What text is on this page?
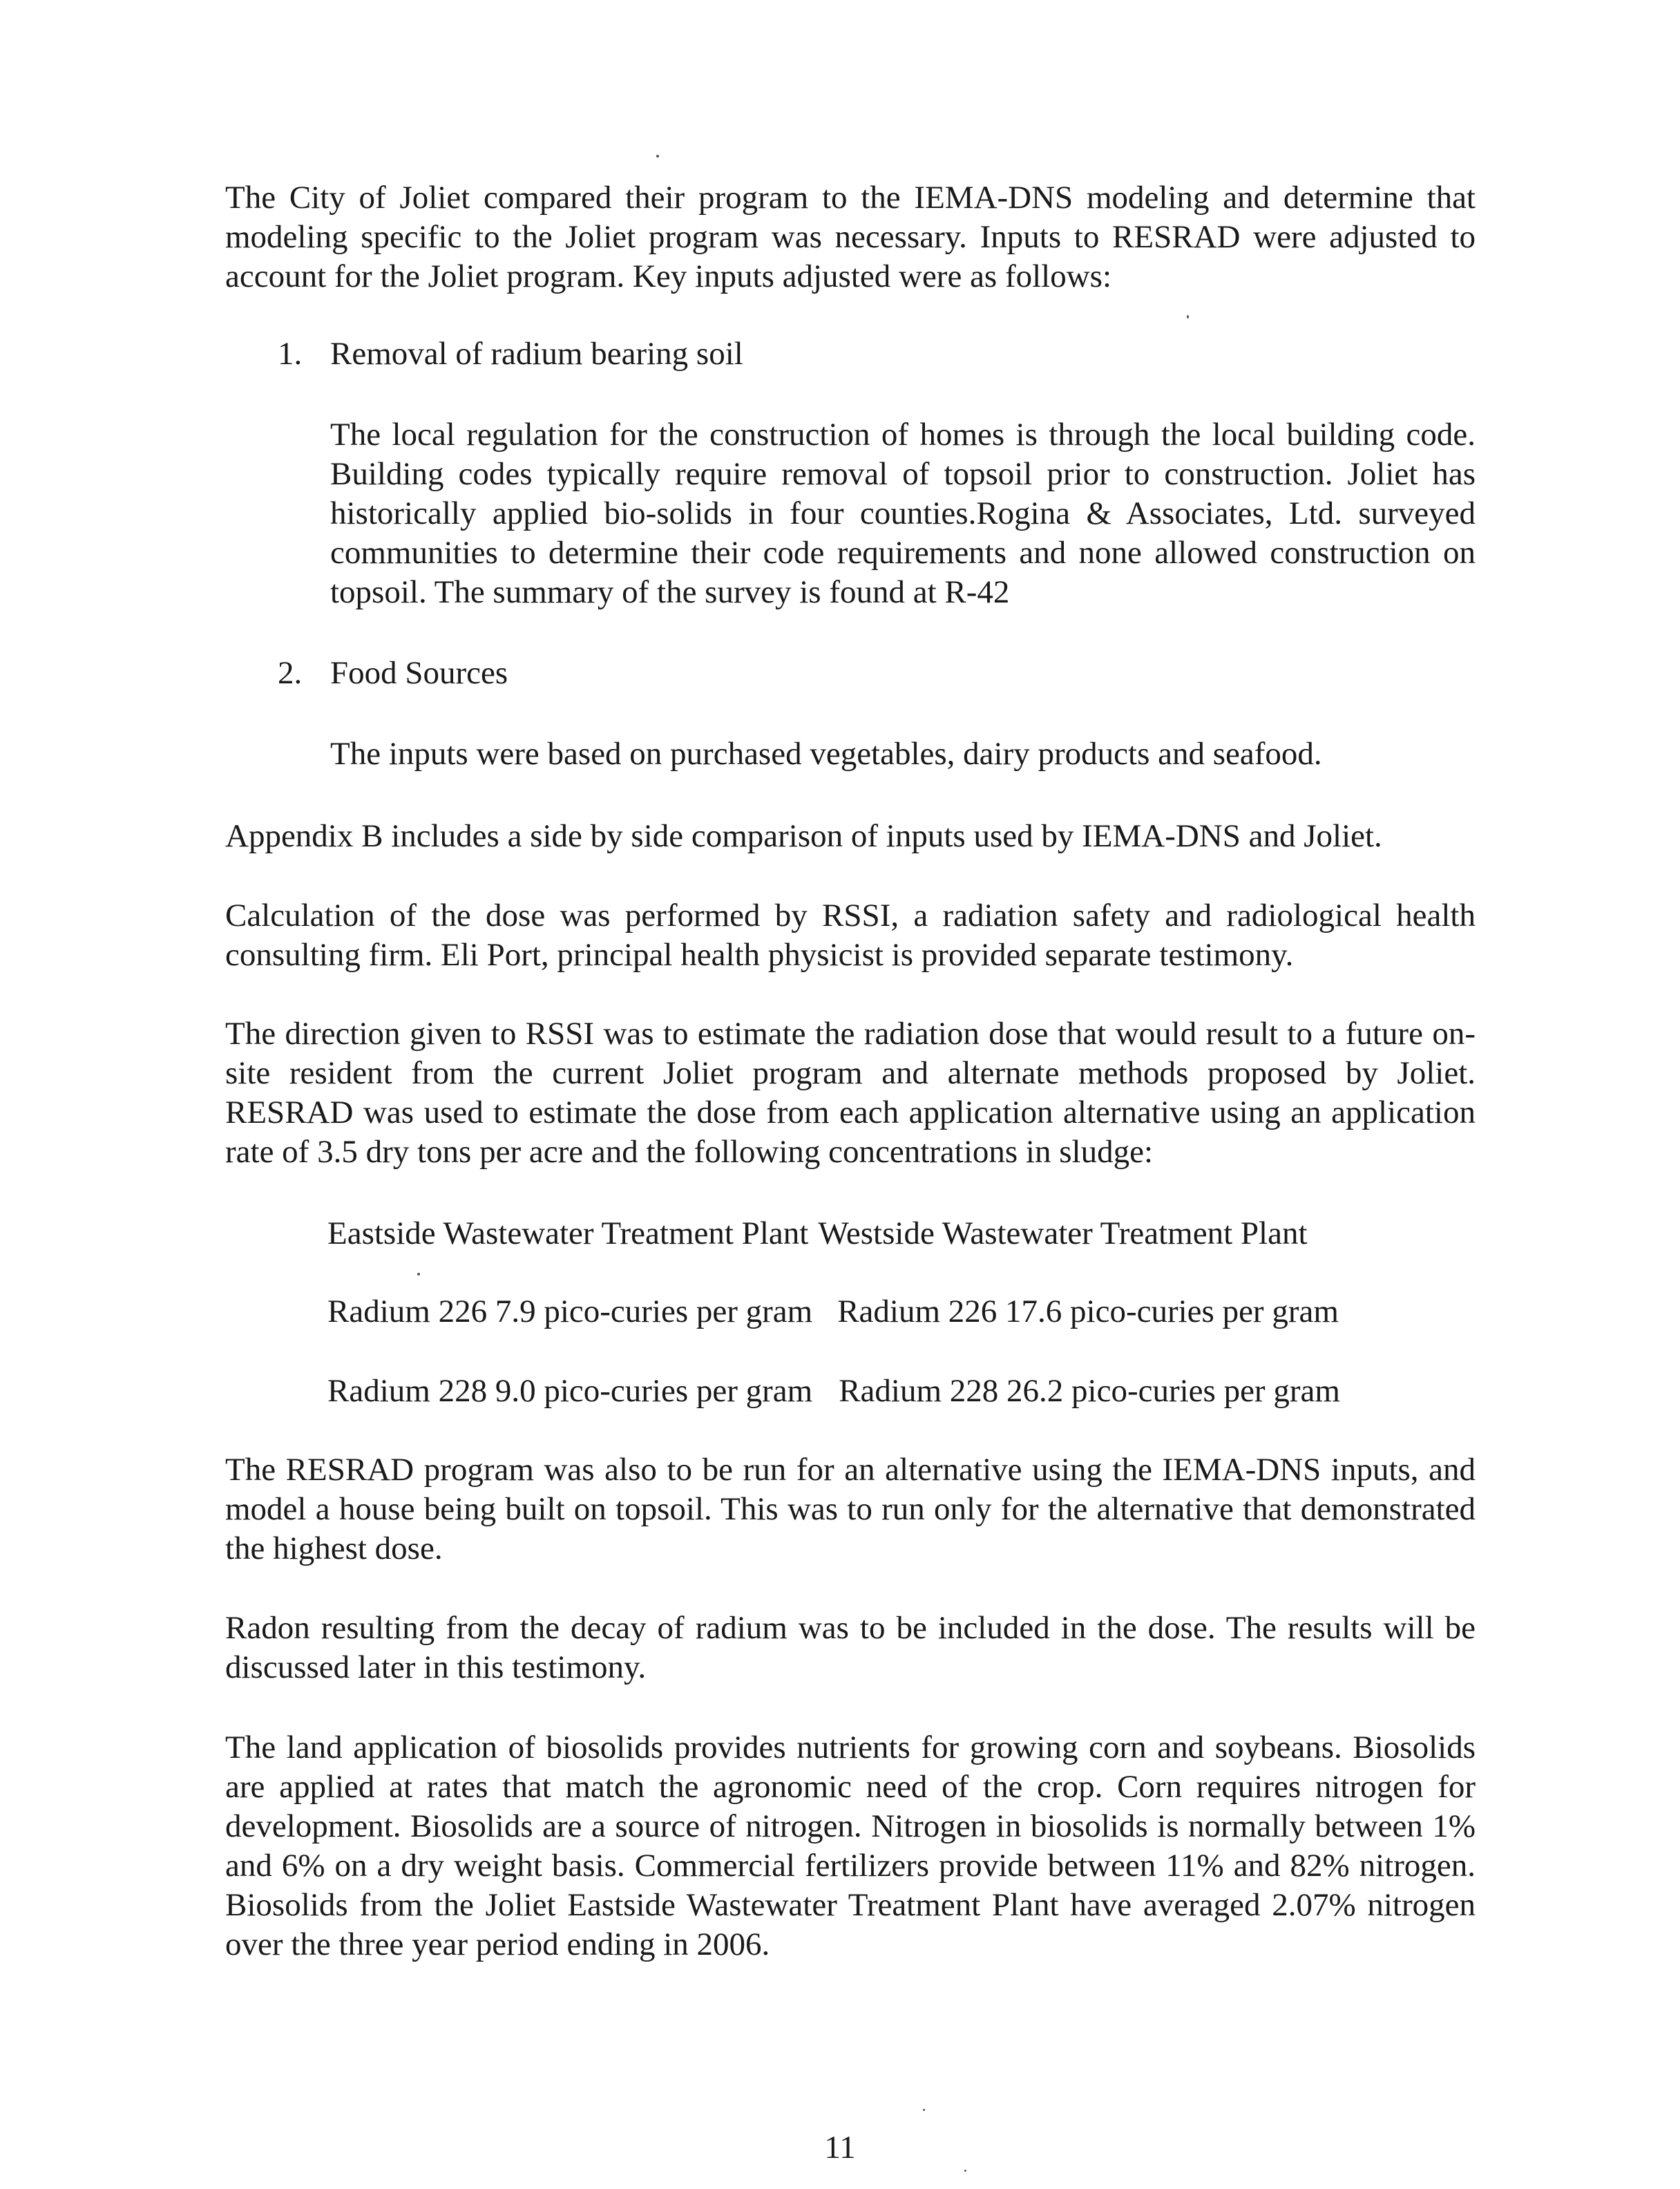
The City of Joliet compared their program to the IEMA-DNS modeling and determine that modeling specific to the Joliet program was necessary. Inputs to RESRAD were adjusted to account for the Joliet program. Key inputs adjusted were as follows:

1. Removal of radium bearing soil

The local regulation for the construction of homes is through the local building code. Building codes typically require removal of topsoil prior to construction. Joliet has historically applied bio-solids in four counties.Rogina & Associates, Ltd. surveyed communities to determine their code requirements and none allowed construction on topsoil. The summary of the survey is found at R-42

2. Food Sources

The inputs were based on purchased vegetables, dairy products and seafood.

Appendix B includes a side by side comparison of inputs used by IEMA-DNS and Joliet.

Calculation of the dose was performed by RSSI, a radiation safety and radiological health consulting firm. Eli Port, principal health physicist is provided separate testimony.

The direction given to RSSI was to estimate the radiation dose that would result to a future on-site resident from the current Joliet program and alternate methods proposed by Joliet. RESRAD was used to estimate the dose from each application alternative using an application rate of 3.5 dry tons per acre and the following concentrations in sludge:

Eastside Wastewater Treatment Plant Westside Wastewater Treatment Plant

Radium 226 7.9 pico-curies per gram Radium 226 17.6 pico-curies per gram

Radium 228 9.0 pico-curies per gram Radium 228 26.2 pico-curies per gram

The RESRAD program was also to be run for an alternative using the IEMA-DNS inputs, and model a house being built on topsoil. This was to run only for the alternative that demonstrated the highest dose.

Radon resulting from the decay of radium was to be included in the dose. The results will be discussed later in this testimony.

The land application of biosolids provides nutrients for growing corn and soybeans. Biosolids are applied at rates that match the agronomic need of the crop. Corn requires nitrogen for development. Biosolids are a source of nitrogen. Nitrogen in biosolids is normally between 1% and 6% on a dry weight basis. Commercial fertilizers provide between 11% and 82% nitrogen. Biosolids from the Joliet Eastside Wastewater Treatment Plant have averaged 2.07% nitrogen over the three year period ending in 2006.

11
